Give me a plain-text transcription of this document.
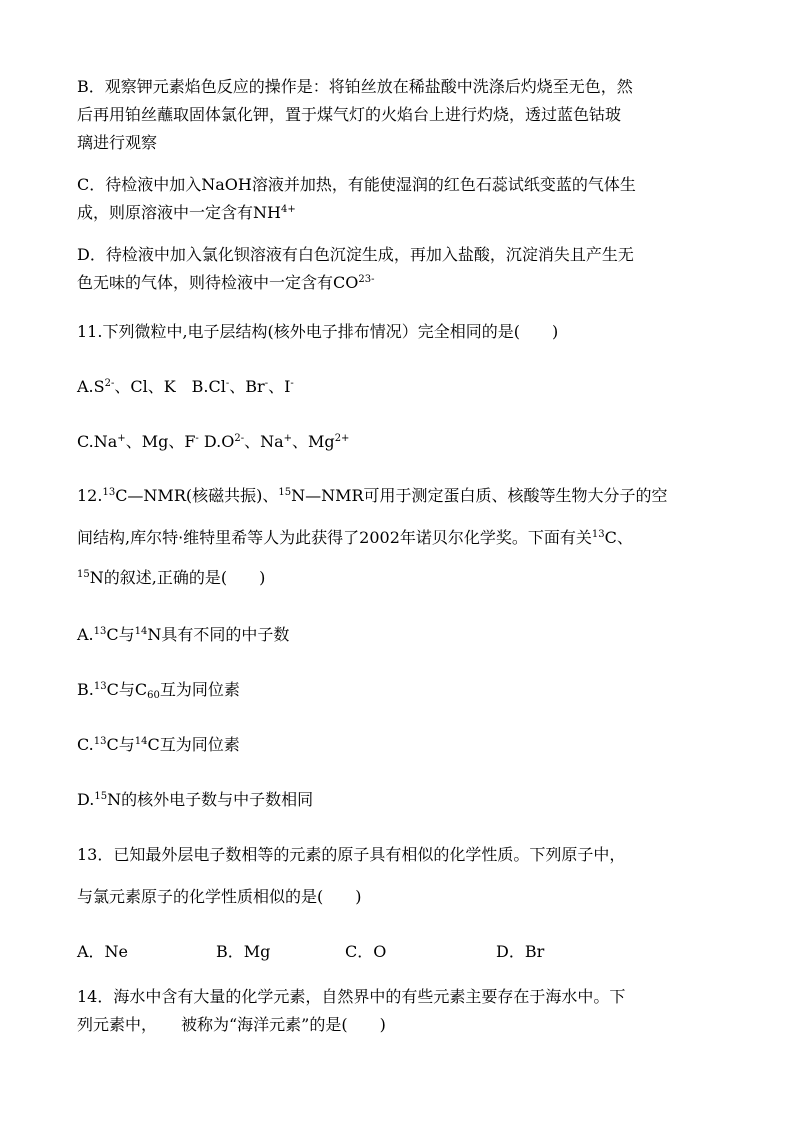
B．观察钾元素焰色反应的操作是：将铂丝放在稀盐酸中洗涤后灼烧至无色，然
后再用铂丝蘸取固体氯化钾，置于煤气灯的火焰台上进行灼烧，透过蓝色钴玻
璃进行观察
C．待检液中加入NaOH溶液并加热，有能使湿润的红色石蕊试纸变蓝的气体生
成，则原溶液中一定含有$NH^{4+}$
D．待检液中加入氯化钡溶液有白色沉淀生成，再加入盐酸，沉淀消失且产生无
色无味的气体，则待检液中一定含有$CO^{23-}$
11.下列微粒中,电子层结构(核外电子排布情况）完全相同的是(　　)
$A.S^{2-}$、Cl、K　B.Cl-、Br-、I-
C.Na+、Mg、F- $D.O^{2-}$、Na+、$Mg^{2+}$
12.13C—NMR(核磁共振)、$^{15}$N—NMR可用于测定蛋白质、核酸等生物大分子的空
间结构,库尔特·维特里希等人为此获得了2002年诺贝尔化学奖。下面有关$^{13}$C、
$^{15}$N的叙述,正确的是(　　)
A.$^{13}$C与$^{14}$N具有不同的中子数
B.$^{13}$C与$C_{60}$互为同位素
C.$^{13}$C与$^{14}$C互为同位素
D.$^{15}$N的核外电子数与中子数相同
13．已知最外层电子数相等的元素的原子具有相似的化学性质。下列原子中，
与氯元素原子的化学性质相似的是(　　)
A．Ne	B．Mg	C．O	D．Br
14．海水中含有大量的化学元素，自然界中的有些元素主要存在于海水中。下
列元素中，　　被称为“海洋元素”的是(　　)
